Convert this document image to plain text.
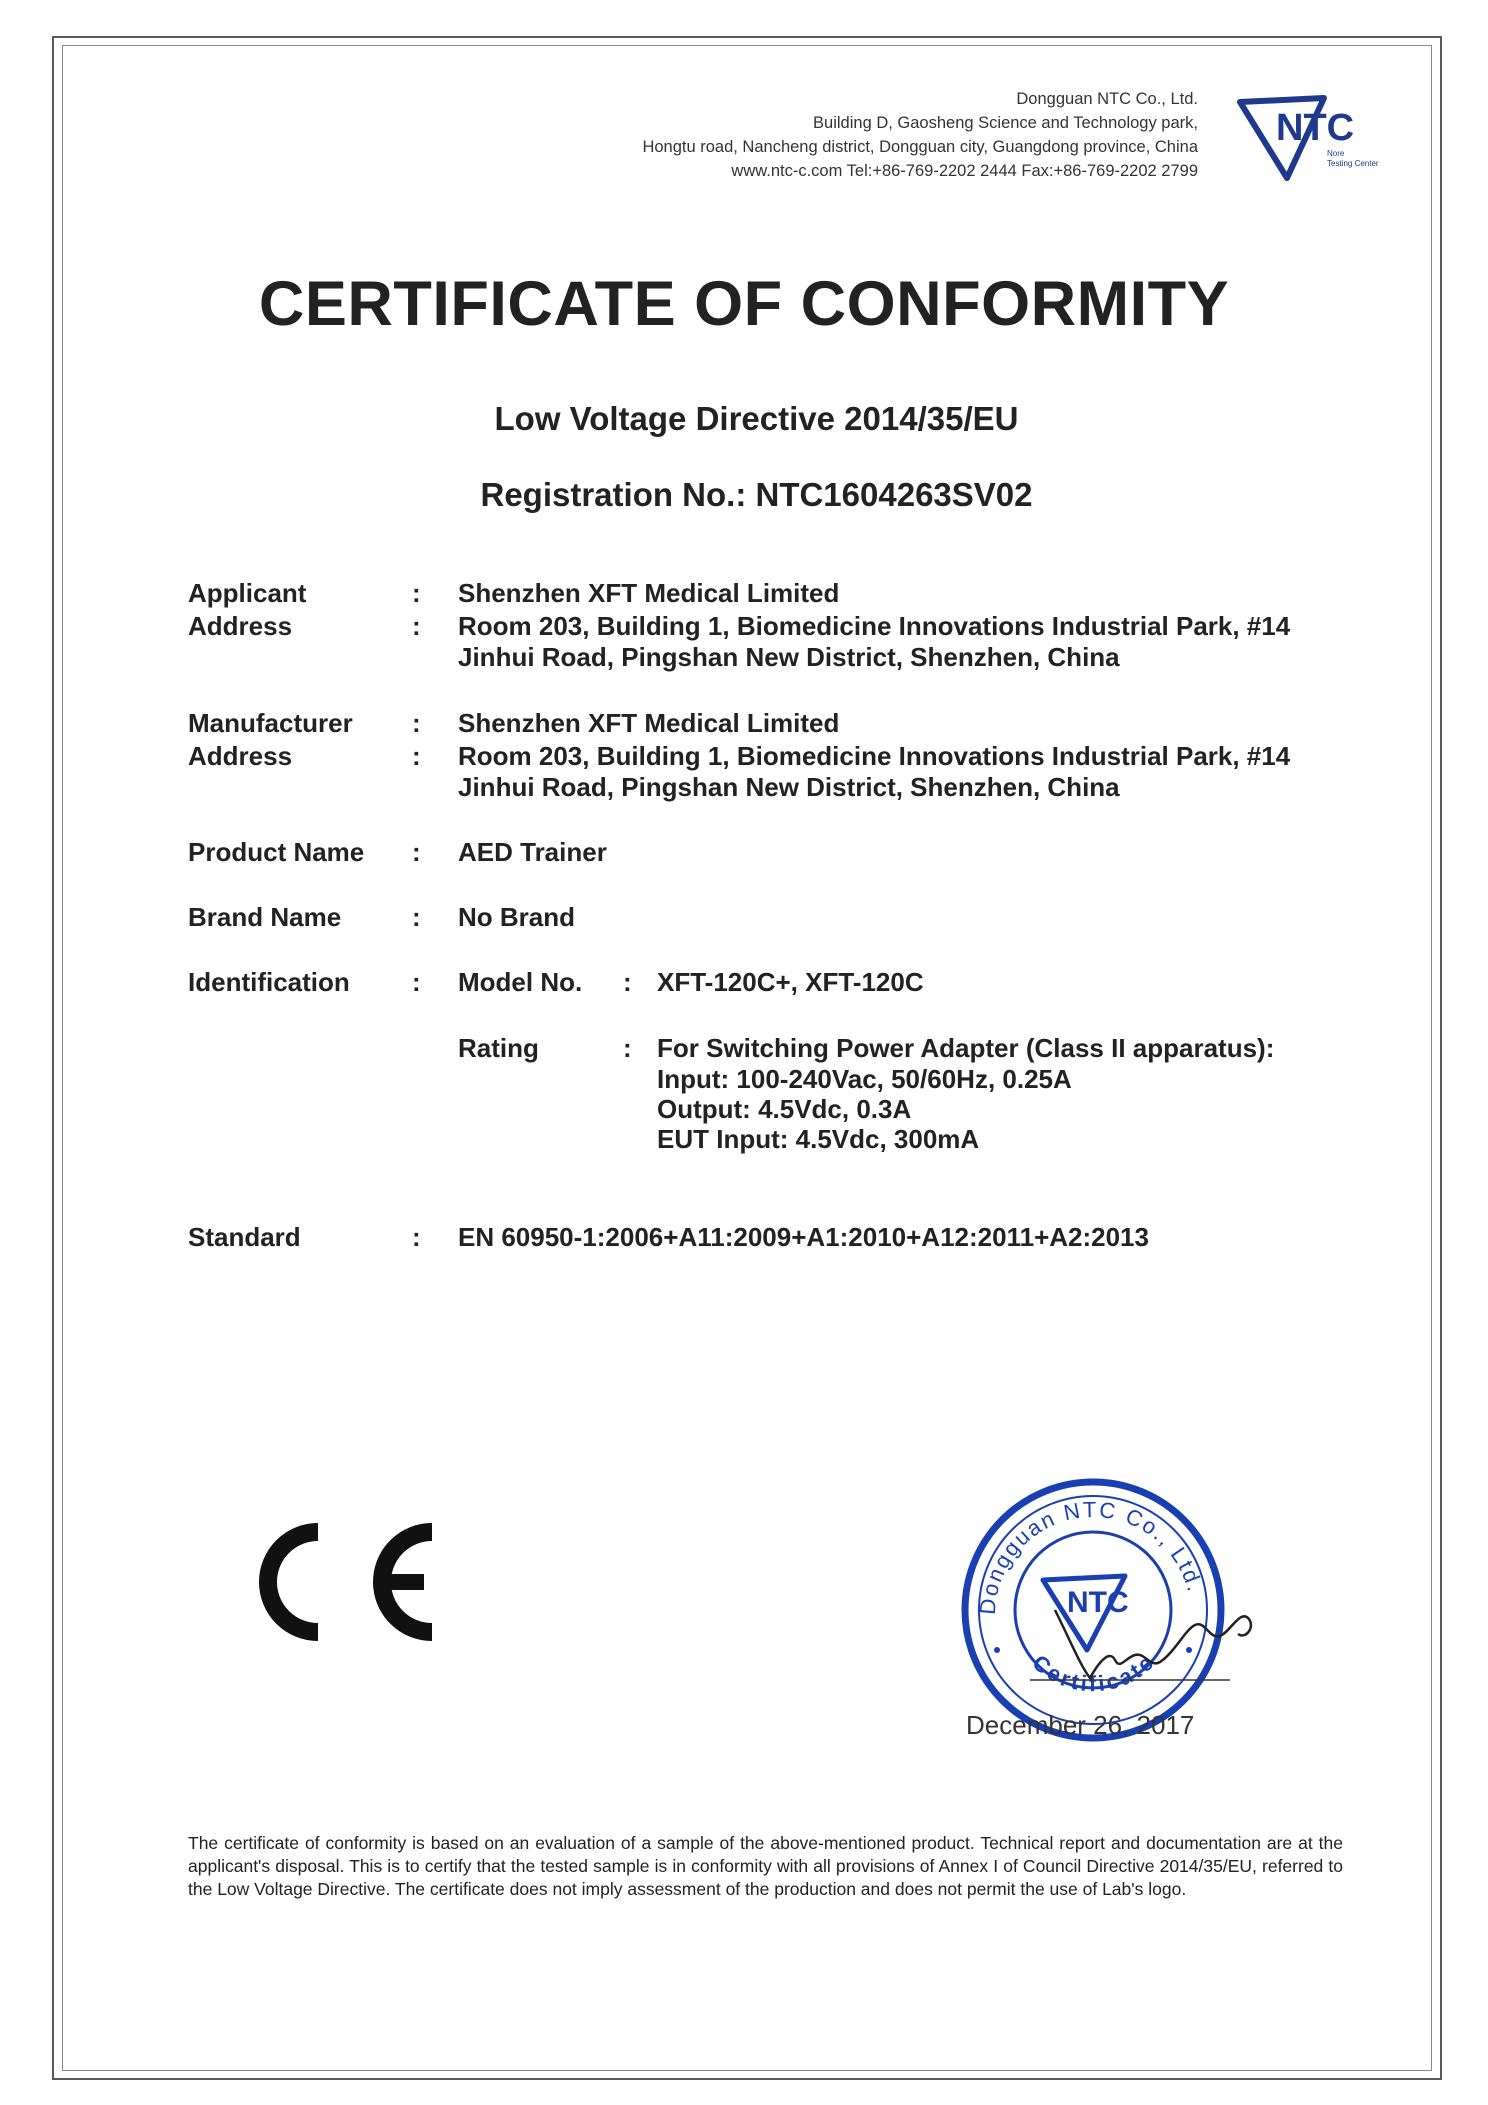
Dongguan NTC Co., Ltd.
Building D, Gaosheng Science and Technology park,
Hongtu road, Nancheng district, Dongguan city, Guangdong province, China
www.ntc-c.com Tel:+86-769-2202 2444 Fax:+86-769-2202 2799
NTC
Nore
Testing Center
CERTIFICATE OF CONFORMITY
Low Voltage Directive 2014/35/EU
Registration No.: NTC1604263SV02
Applicant	: Shenzhen XFT Medical Limited
Address	: Room 203, Building 1, Biomedicine Innovations Industrial Park, #14
Jinhui Road, Pingshan New District, Shenzhen, China
Manufacturer : Shenzhen XFT Medical Limited
Address	: Room 203, Building 1, Biomedicine Innovations Industrial Park, #14
Jinhui Road, Pingshan New District, Shenzhen, China
Product Name : AED Trainer
Brand Name	: No Brand
Identification : Model No. : XFT-120C+, XFT-120C
Rating	: For Switching Power Adapter (Class II apparatus):
Input: 100-240Vac, 50/60Hz, 0.25A
Output: 4.5Vdc, 0.3A
EUT Input: 4.5Vdc, 300mA
Standard	: EN 60950-1:2006+A11:2009+A1:2010+A12:2011+A2:2013
Dongguan NTC Co., Ltd.
Certificate
NTC
December 26, 2017
The certificate of conformity is based on an evaluation of a sample of the above-mentioned product. Technical report and documentation are at the applicant's disposal. This is to certify that the tested sample is in conformity with all provisions of Annex I of Council Directive 2014/35/EU, referred to the Low Voltage Directive. The certificate does not imply assessment of the production and does not permit the use of Lab's logo.
